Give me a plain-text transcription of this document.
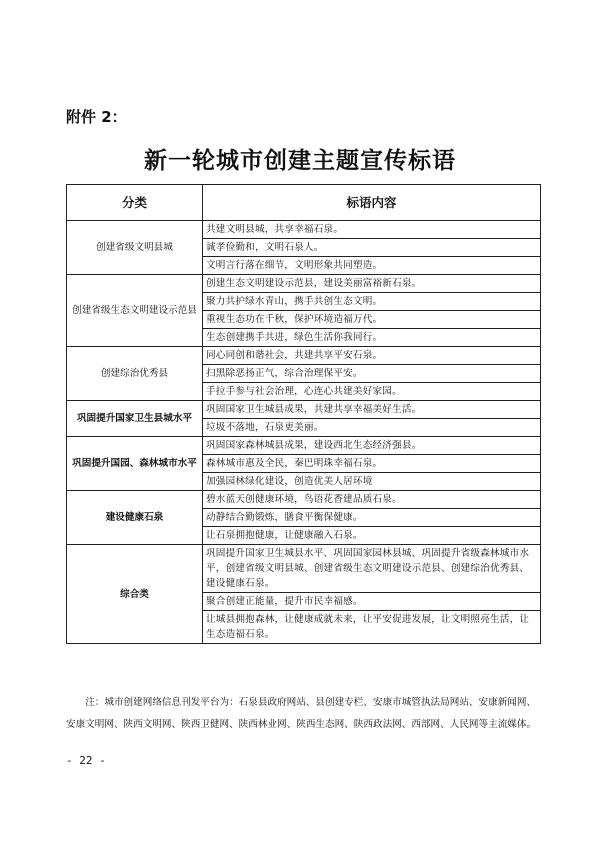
附件 2：
新一轮城市创建主题宣传标语
分类	标语内容
创建省级文明县城	共建文明县城，共享幸福石泉。
	诚孝俭勤和，文明石泉人。
	文明言行落在细节，文明形象共同塑造。
创建省级生态文明建设示范县	创建生态文明建设示范县，建设美丽富裕新石泉。
	聚力共护绿水青山，携手共创生态文明。
	重视生态功在千秋，保护环境造福万代。
	生态创建携手共进，绿色生活你我同行。
创建综治优秀县	同心同创和谐社会，共建共享平安石泉。
	扫黑除恶扬正气，综合治理保平安。
	手拉手参与社会治理，心连心共建美好家园。
巩固提升国家卫生县城水平	巩固国家卫生城县成果，共建共享幸福美好生活。
	垃圾不落地，石泉更美丽。
巩固提升国园、森林城市水平	巩固国家森林城县成果，建设西北生态经济强县。
	森林城市惠及全民，秦巴明珠幸福石泉。
	加强园林绿化建设，创造优美人居环境
建设健康石泉	碧水蓝天创健康环境，鸟语花香建品质石泉。
	动静结合勤锻炼，膳食平衡保健康。
	让石泉拥抱健康，让健康融入石泉。
综合类	巩固提升国家卫生城县水平、巩固国家园林县城、巩固提升省级森林城市水平，创建省级文明县城、创建省级生态文明建设示范县、创建综治优秀县、建设健康石泉。
	聚合创建正能量，提升市民幸福感。
	让城县拥抱森林，让健康成就未来，让平安促进发展，让文明照亮生活，让生态造福石泉。
注：城市创建网络信息刊发平台为：石泉县政府网站、县创建专栏、安康市城管执法局网站、安康新闻网、安康文明网、陕西文明网、陕西卫健网、陕西林业网、陕西生态网、陕西政法网、西部网、人民网等主流媒体。
- 22 -
